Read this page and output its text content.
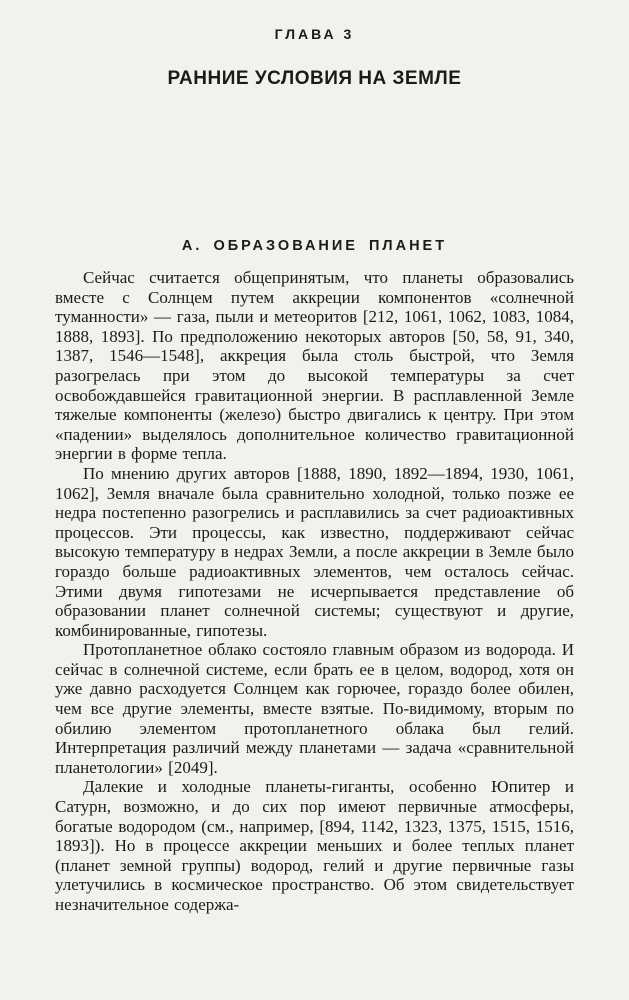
ГЛАВА 3
РАННИЕ УСЛОВИЯ НА ЗЕМЛЕ
А. ОБРАЗОВАНИЕ ПЛАНЕТ

Сейчас считается общепринятым, что планеты образовались вместе с Солнцем путем аккреции компонентов «солнечной туманности» — газа, пыли и метеоритов [212, 1061, 1062, 1083, 1084, 1888, 1893]. По предположению некоторых авторов [50, 58, 91, 340, 1387, 1546—1548], аккреция была столь быстрой, что Земля разогрелась при этом до высокой температуры за счет освобождавшейся гравитационной энергии. В расплавленной Земле тяжелые компоненты (железо) быстро двигались к центру. При этом «падении» выделялось дополнительное количество гравитационной энергии в форме тепла.

По мнению других авторов [1888, 1890, 1892—1894, 1930, 1061, 1062], Земля вначале была сравнительно холодной, только позже ее недра постепенно разогрелись и расплавились за счет радиоактивных процессов. Эти процессы, как известно, поддерживают сейчас высокую температуру в недрах Земли, а после аккреции в Земле было гораздо больше радиоактивных элементов, чем осталось сейчас. Этими двумя гипотезами не исчерпывается представление об образовании планет солнечной системы; существуют и другие, комбинированные, гипотезы.

Протопланетное облако состояло главным образом из водорода. И сейчас в солнечной системе, если брать ее в целом, водород, хотя он уже давно расходуется Солнцем как горючее, гораздо более обилен, чем все другие элементы, вместе взятые. По-видимому, вторым по обилию элементом протопланетного облака был гелий. Интерпретация различий между планетами — задача «сравнительной планетологии» [2049].

Далекие и холодные планеты-гиганты, особенно Юпитер и Сатурн, возможно, и до сих пор имеют первичные атмосферы, богатые водородом (см., например, [894, 1142, 1323, 1375, 1515, 1516, 1893]). Но в процессе аккреции меньших и более теплых планет (планет земной группы) водород, гелий и другие первичные газы улетучились в космическое пространство. Об этом свидетельствует незначительное содержа-
